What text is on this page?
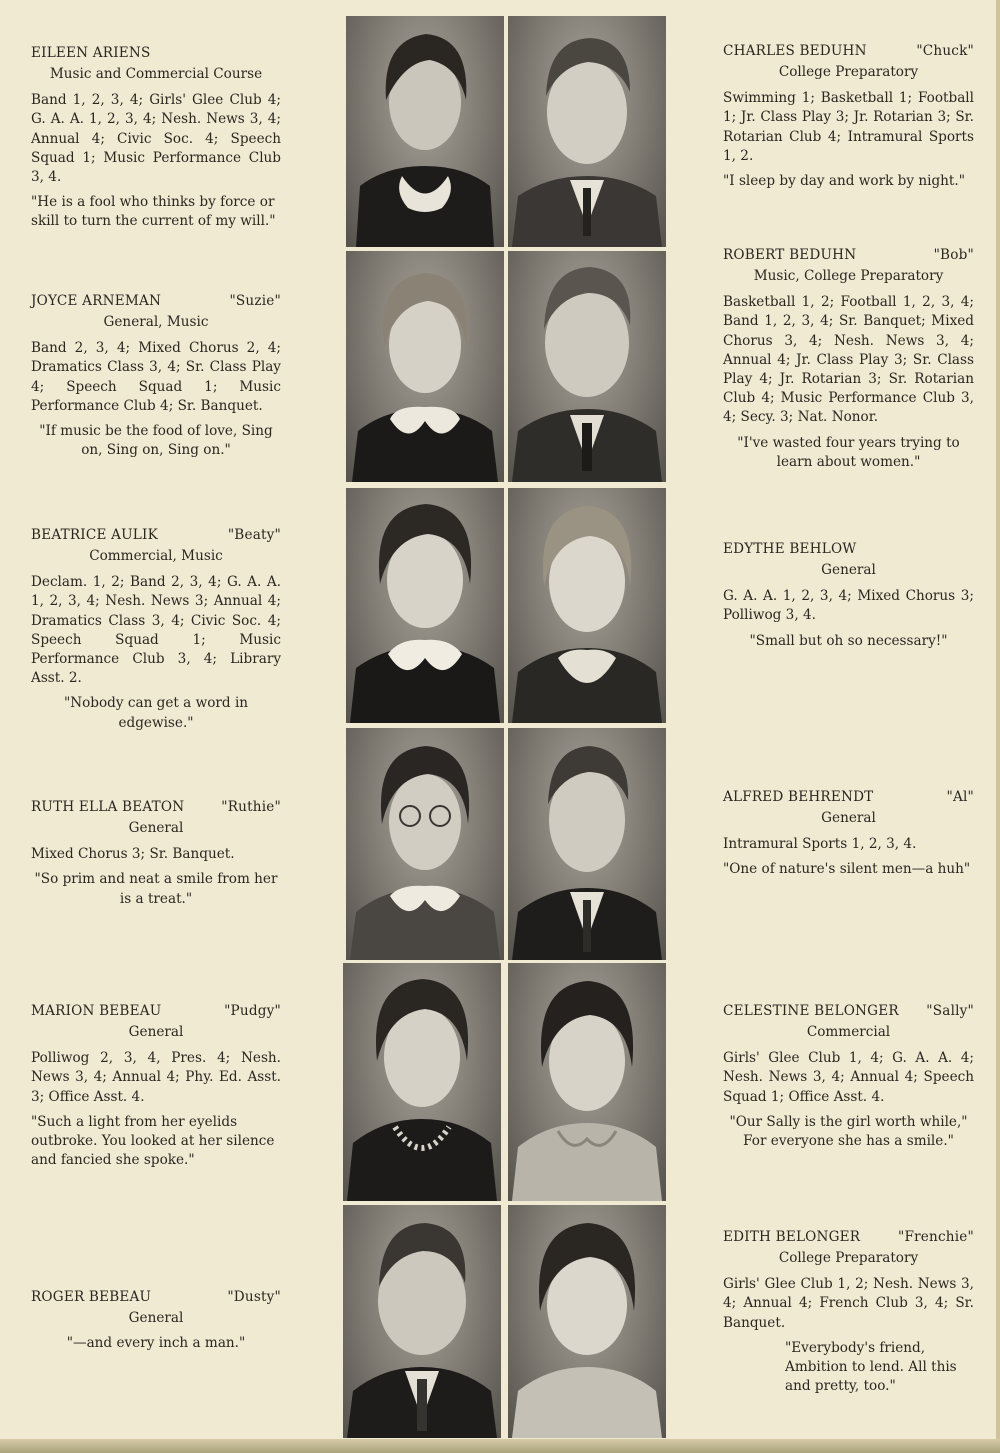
EILEEN ARIENS
Music and Commercial Course
Band 1, 2, 3, 4; Girls' Glee Club 4; G. A. A. 1, 2, 3, 4; Nesh. News 3, 4; Annual 4; Civic Soc. 4; Speech Squad 1; Music Performance Club 3, 4.
"He is a fool who thinks by force or skill to turn the current of my will."
JOYCE ARNEMAN	"Suzie"
General, Music
Band 2, 3, 4; Mixed Chorus 2, 4; Dramatics Class 3, 4; Sr. Class Play 4; Speech Squad 1; Music Performance Club 4; Sr. Banquet.
"If music be the food of love, Sing on, Sing on, Sing on."
BEATRICE AULIK	"Beaty"
Commercial, Music
Declam. 1, 2; Band 2, 3, 4; G. A. A. 1, 2, 3, 4; Nesh. News 3; Annual 4; Dramatics Class 3, 4; Civic Soc. 4; Speech Squad 1; Music Performance Club 3, 4; Library Asst. 2.
"Nobody can get a word in edgewise."
RUTH ELLA BEATON	"Ruthie"
General
Mixed Chorus 3; Sr. Banquet.
"So prim and neat a smile from her is a treat."
MARION BEBEAU	"Pudgy"
General
Polliwog 2, 3, 4, Pres. 4; Nesh. News 3, 4; Annual 4; Phy. Ed. Asst. 3; Office Asst. 4.
"Such a light from her eyelids outbroke. You looked at her silence and fancied she spoke."
ROGER BEBEAU	"Dusty"
General
"—and every inch a man."
CHARLES BEDUHN	"Chuck"
College Preparatory
Swimming 1; Basketball 1; Football 1; Jr. Class Play 3; Jr. Rotarian 3; Sr. Rotarian Club 4; Intramural Sports 1, 2.
"I sleep by day and work by night."
ROBERT BEDUHN	"Bob"
Music, College Preparatory
Basketball 1, 2; Football 1, 2, 3, 4; Band 1, 2, 3, 4; Sr. Banquet; Mixed Chorus 3, 4; Nesh. News 3, 4; Annual 4; Jr. Class Play 3; Sr. Class Play 4; Jr. Rotarian 3; Sr. Rotarian Club 4; Music Performance Club 3, 4; Secy. 3; Nat. Nonor.
"I've wasted four years trying to learn about women."
EDYTHE BEHLOW
General
G. A. A. 1, 2, 3, 4; Mixed Chorus 3; Polliwog 3, 4.
"Small but oh so necessary!"
ALFRED BEHRENDT	"Al"
General
Intramural Sports 1, 2, 3, 4.
"One of nature's silent men—a huh"
CELESTINE BELONGER "Sally"
Commercial
Girls' Glee Club 1, 4; G. A. A. 4; Nesh. News 3, 4; Annual 4; Speech Squad 1; Office Asst. 4.
"Our Sally is the girl worth while," For everyone she has a smile."
EDITH BELONGER	"Frenchie"
College Preparatory
Girls' Glee Club 1, 2; Nesh. News 3, 4; Annual 4; French Club 3, 4; Sr. Banquet.
"Everybody's friend, Ambition to lend. All this and pretty, too."
